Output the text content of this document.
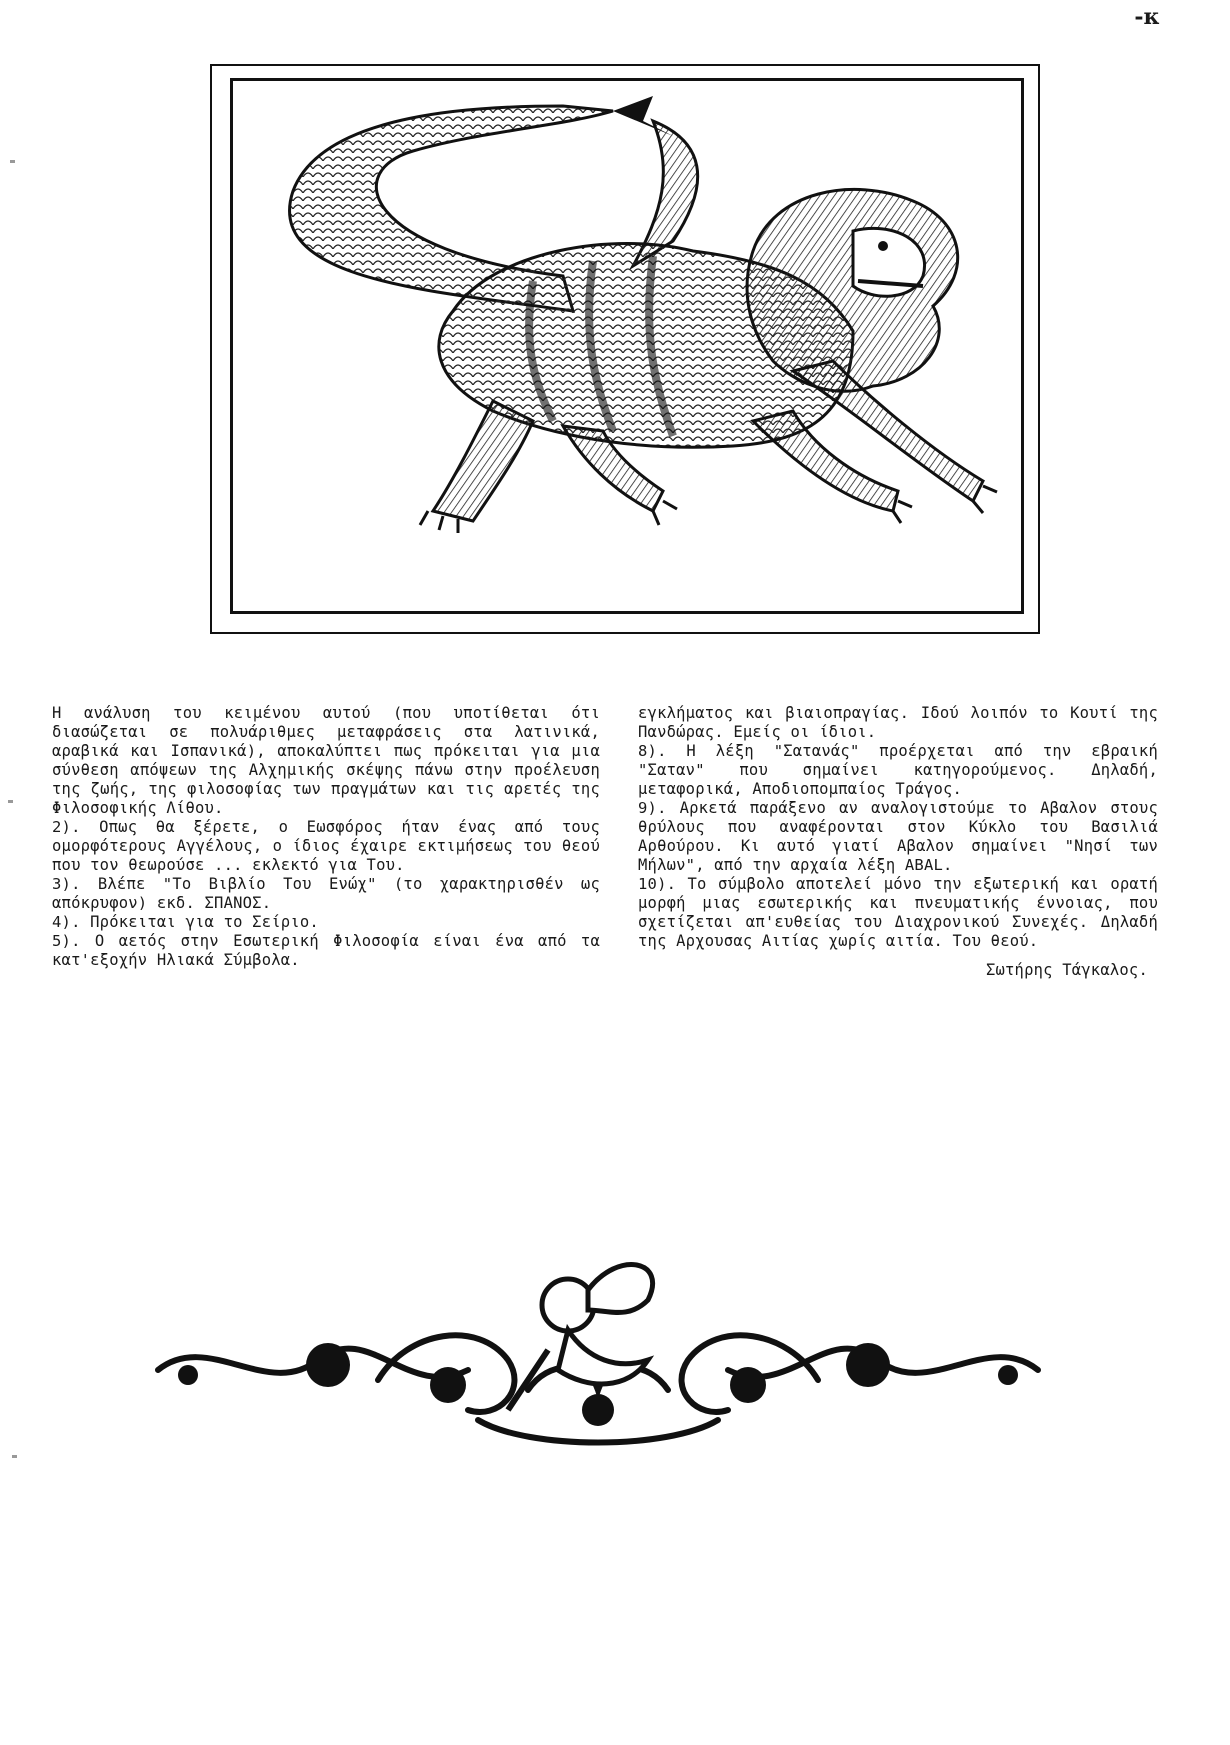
-κ

Η ανάλυση του κειμένου αυτού (που υποτίθεται ότι διασώζεται σε πολυάριθμες μεταφράσεις στα λατινικά, αραβικά και Ισπανικά), αποκαλύπτει πως πρόκειται για μια σύνθεση απόψεων της Αλχημικής σκέψης πάνω στην προέλευση της ζωής, της φιλοσοφίας των πραγμάτων και τις αρετές της Φιλοσοφικής Λίθου.

2). Οπως θα ξέρετε, ο Εωσφόρος ήταν ένας από τους ομορφότερους Αγγέλους, ο ίδιος έχαιρε εκτιμήσεως του θεού που τον θεωρούσε ... εκλεκτό για Του.

3). Βλέπε "Το Βιβλίο Του Ενώχ" (το χαρακτηρισθέν ως απόκρυφον) εκδ. ΣΠΑΝΟΣ.

4). Πρόκειται για το Σείριο.

5). Ο αετός στην Εσωτερική Φιλοσοφία είναι ένα από τα κατ'εξοχήν Ηλιακά Σύμβολα.

εγκλήματος και βιαιοπραγίας. Ιδού λοιπόν το Κουτί της Πανδώρας. Εμείς οι ίδιοι.

8). Η λέξη "Σατανάς" προέρχεται από την εβραική "Σαταν" που σημαίνει κατηγορούμενος. Δηλαδή, μεταφορικά, Αποδιοπομπαίος Τράγος.

9). Αρκετά παράξενο αν αναλογιστούμε το Αβαλον στους θρύλους που αναφέρονται στον Κύκλο του Βασιλιά Αρθούρου. Κι αυτό γιατί Αβαλον σημαίνει "Νησί των Μήλων", από την αρχαία λέξη ABAL.

10). Το σύμβολο αποτελεί μόνο την εξωτερική και ορατή μορφή μιας εσωτερικής και πνευματικής έννοιας, που σχετίζεται απ'ευθείας του Διαχρονικού Συνεχές. Δηλαδή της Αρχουσας Αιτίας χωρίς αιτία. Του θεού.

Σωτήρης Τάγκαλος.
